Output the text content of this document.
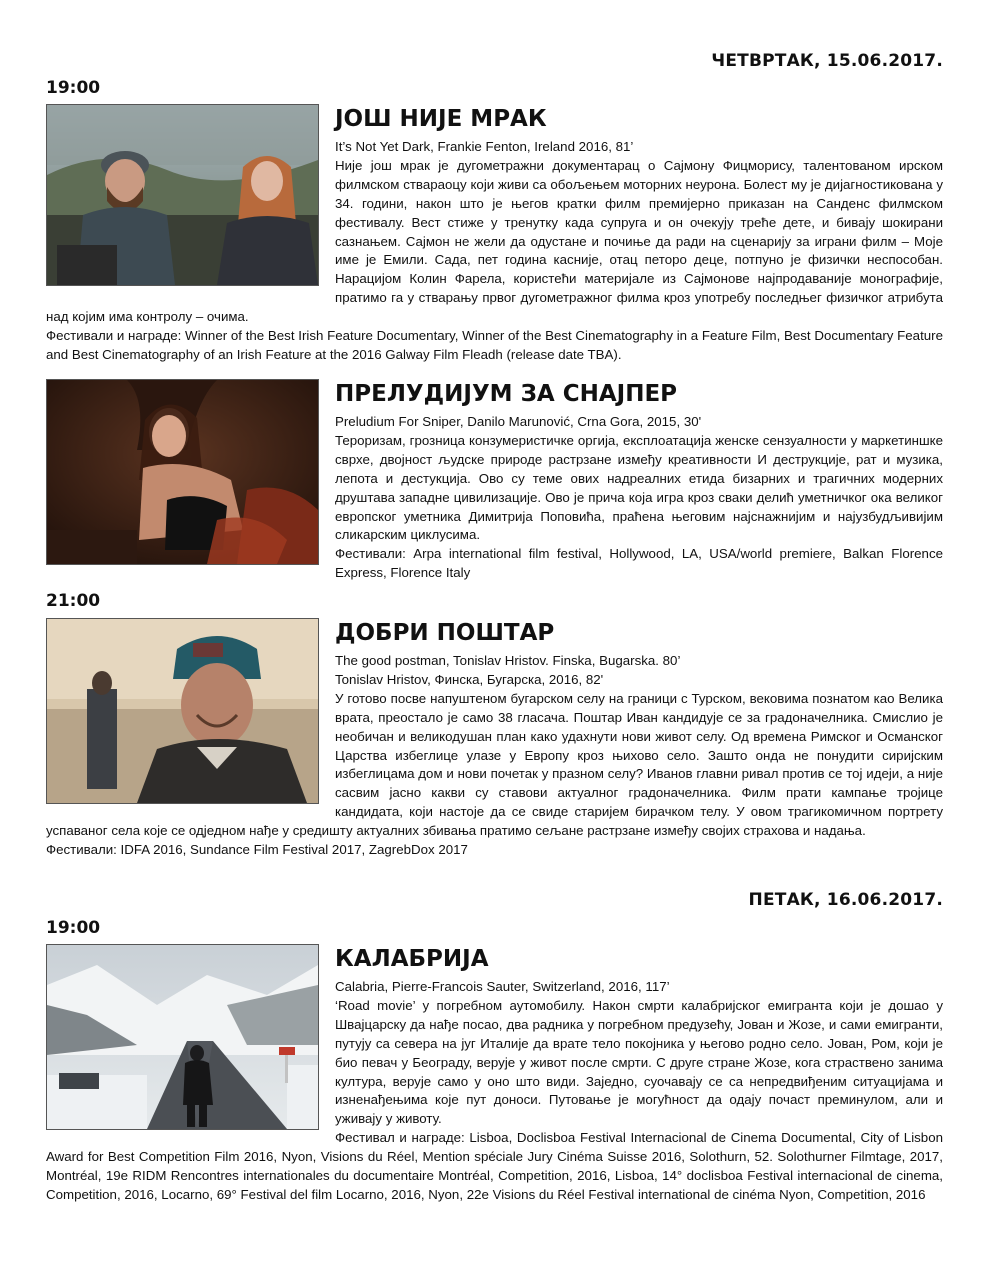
ЧЕТВРТАК, 15.06.2017.
19:00
ЈОШ НИЈЕ МРАК

It’s Not Yet Dark, Frankie Fenton, Ireland 2016, 81’

Није још мрак је дугометражни документарац о Сајмону Фицморису, талентованом ирском филмском ствараоцу који живи са обољењем моторних неурона. Болест му је дијагностикована у 34. години, након што је његов кратки филм премијерно приказан на Санденс филмском фестивалу. Вест стиже у тренутку када супруга и он очекују треће дете, и бивају шокирани сазнањем. Сајмон не жели да одустане и почиње да ради на сценарију за играни филм – Моје име је Емили. Сада, пет година касније, отац петоро деце, потпуно је физички неспособан. Нарацијом Колин Фарела, користећи материјале из Сајмонове најпродаваније монографије, пратимо га у стварању првог дугометражног филма кроз употребу последњег физичког атрибута над којим има контролу – очима.

Фестивали и награде: Winner of the Best Irish Feature Documentary, Winner of the Best Cinematography in a Feature Film, Best Documentary Feature and Best Cinematography of an Irish Feature at the 2016 Galway Film Fleadh (release date TBA).

ПРЕЛУДИЈУМ ЗА СНАЈПЕР

Preludium For Sniper, Danilo Marunović, Crna Gora, 2015, 30'

Тероризам, грозница конзумеристичке оргија, експлоатација женске сензуалности у маркетиншке сврхе, двојност људске природе растрзане између креативности И деструкције, рат и музика, лепота и дестукција. Ово су теме ових надреалних етида бизарних и трагичних модерних друштава западне цивилизације. Ово је прича која игра кроз сваки делић уметничког ока великог европског уметника Димитрија Поповића, праћена његовим најснажнијим и најузбудљивијим сликарским циклусима.

Фестивали: Arpa international film festival, Hollywood, LA, USA/world premiere, Balkan Florence Express, Florence Italy

21:00
ДОБРИ ПОШТАР

The good postman, Tonislav Hristov. Finska, Bugarska. 80’

Tonislav Hristov, Финска, Бугарска, 2016, 82'

У готово посве напуштеном бугарском селу на граници с Турском, вековима познатом као Велика врата, преостало је само 38 гласача. Поштар Иван кандидује се за градоначелника. Смислио је необичан и великодушан план како удахнути нови живот селу. Од времена Римског и Османског Царства избеглице улазе у Европу кроз њихово село. Зашто онда не понудити сиријским избеглицама дом и нови почетак у празном селу? Иванов главни ривал против се тој идеји, а није сасвим јасно какви су ставови актуалног градоначелника. Филм прати кампање тројице кандидата, који настоје да се свиде старијем бирачком телу. У овом трагикомичном портрету успаваног села које се одједном нађе у средишту актуалних збивања пратимо сељане растрзане између својих страхова и надања.

Фестивали: IDFA 2016, Sundance Film Festival 2017, ZagrebDox 2017

ПЕТАК, 16.06.2017.
19:00
КАЛАБРИЈА

Calabria, Pierre-Francois Sauter, Switzerland, 2016, 117’

‘Road movie’ у погребном аутомобилу. Након смрти калабријског емигранта који је дошао у Швајцарску да нађе посао, два радника у погребном предузећу, Јован и Жозе, и сами емигранти, путују са севера на југ Италије да врате тело покојника у његово родно село. Јован, Ром, који је био певач у Београду, верује у живот после смрти. С друге стране Жозе, кога страствено занима култура, верује само у оно што види. Заједно, суочавају се са непредвиђеним ситуацијама и изненађењима које пут доноси. Путовање је могућност да одају почаст преминулом, али и уживају у животу.

Фестивал и награде: Lisboa, Doclisboa Festival Internacional de Cinema Documental, City of Lisbon Award for Best Competition Film 2016, Nyon, Visions du Réel, Mention spéciale Jury Cinéma Suisse 2016, Solothurn, 52. Solothurner Filmtage, 2017, Montréal, 19e RIDM Rencontres internationales du documentaire Montréal, Competition, 2016, Lisboa, 14° doclisboa Festival internacional de cinema, Competition, 2016, Locarno, 69° Festival del film Locarno, 2016, Nyon, 22e Visions du Réel Festival international de cinéma Nyon, Competition, 2016
